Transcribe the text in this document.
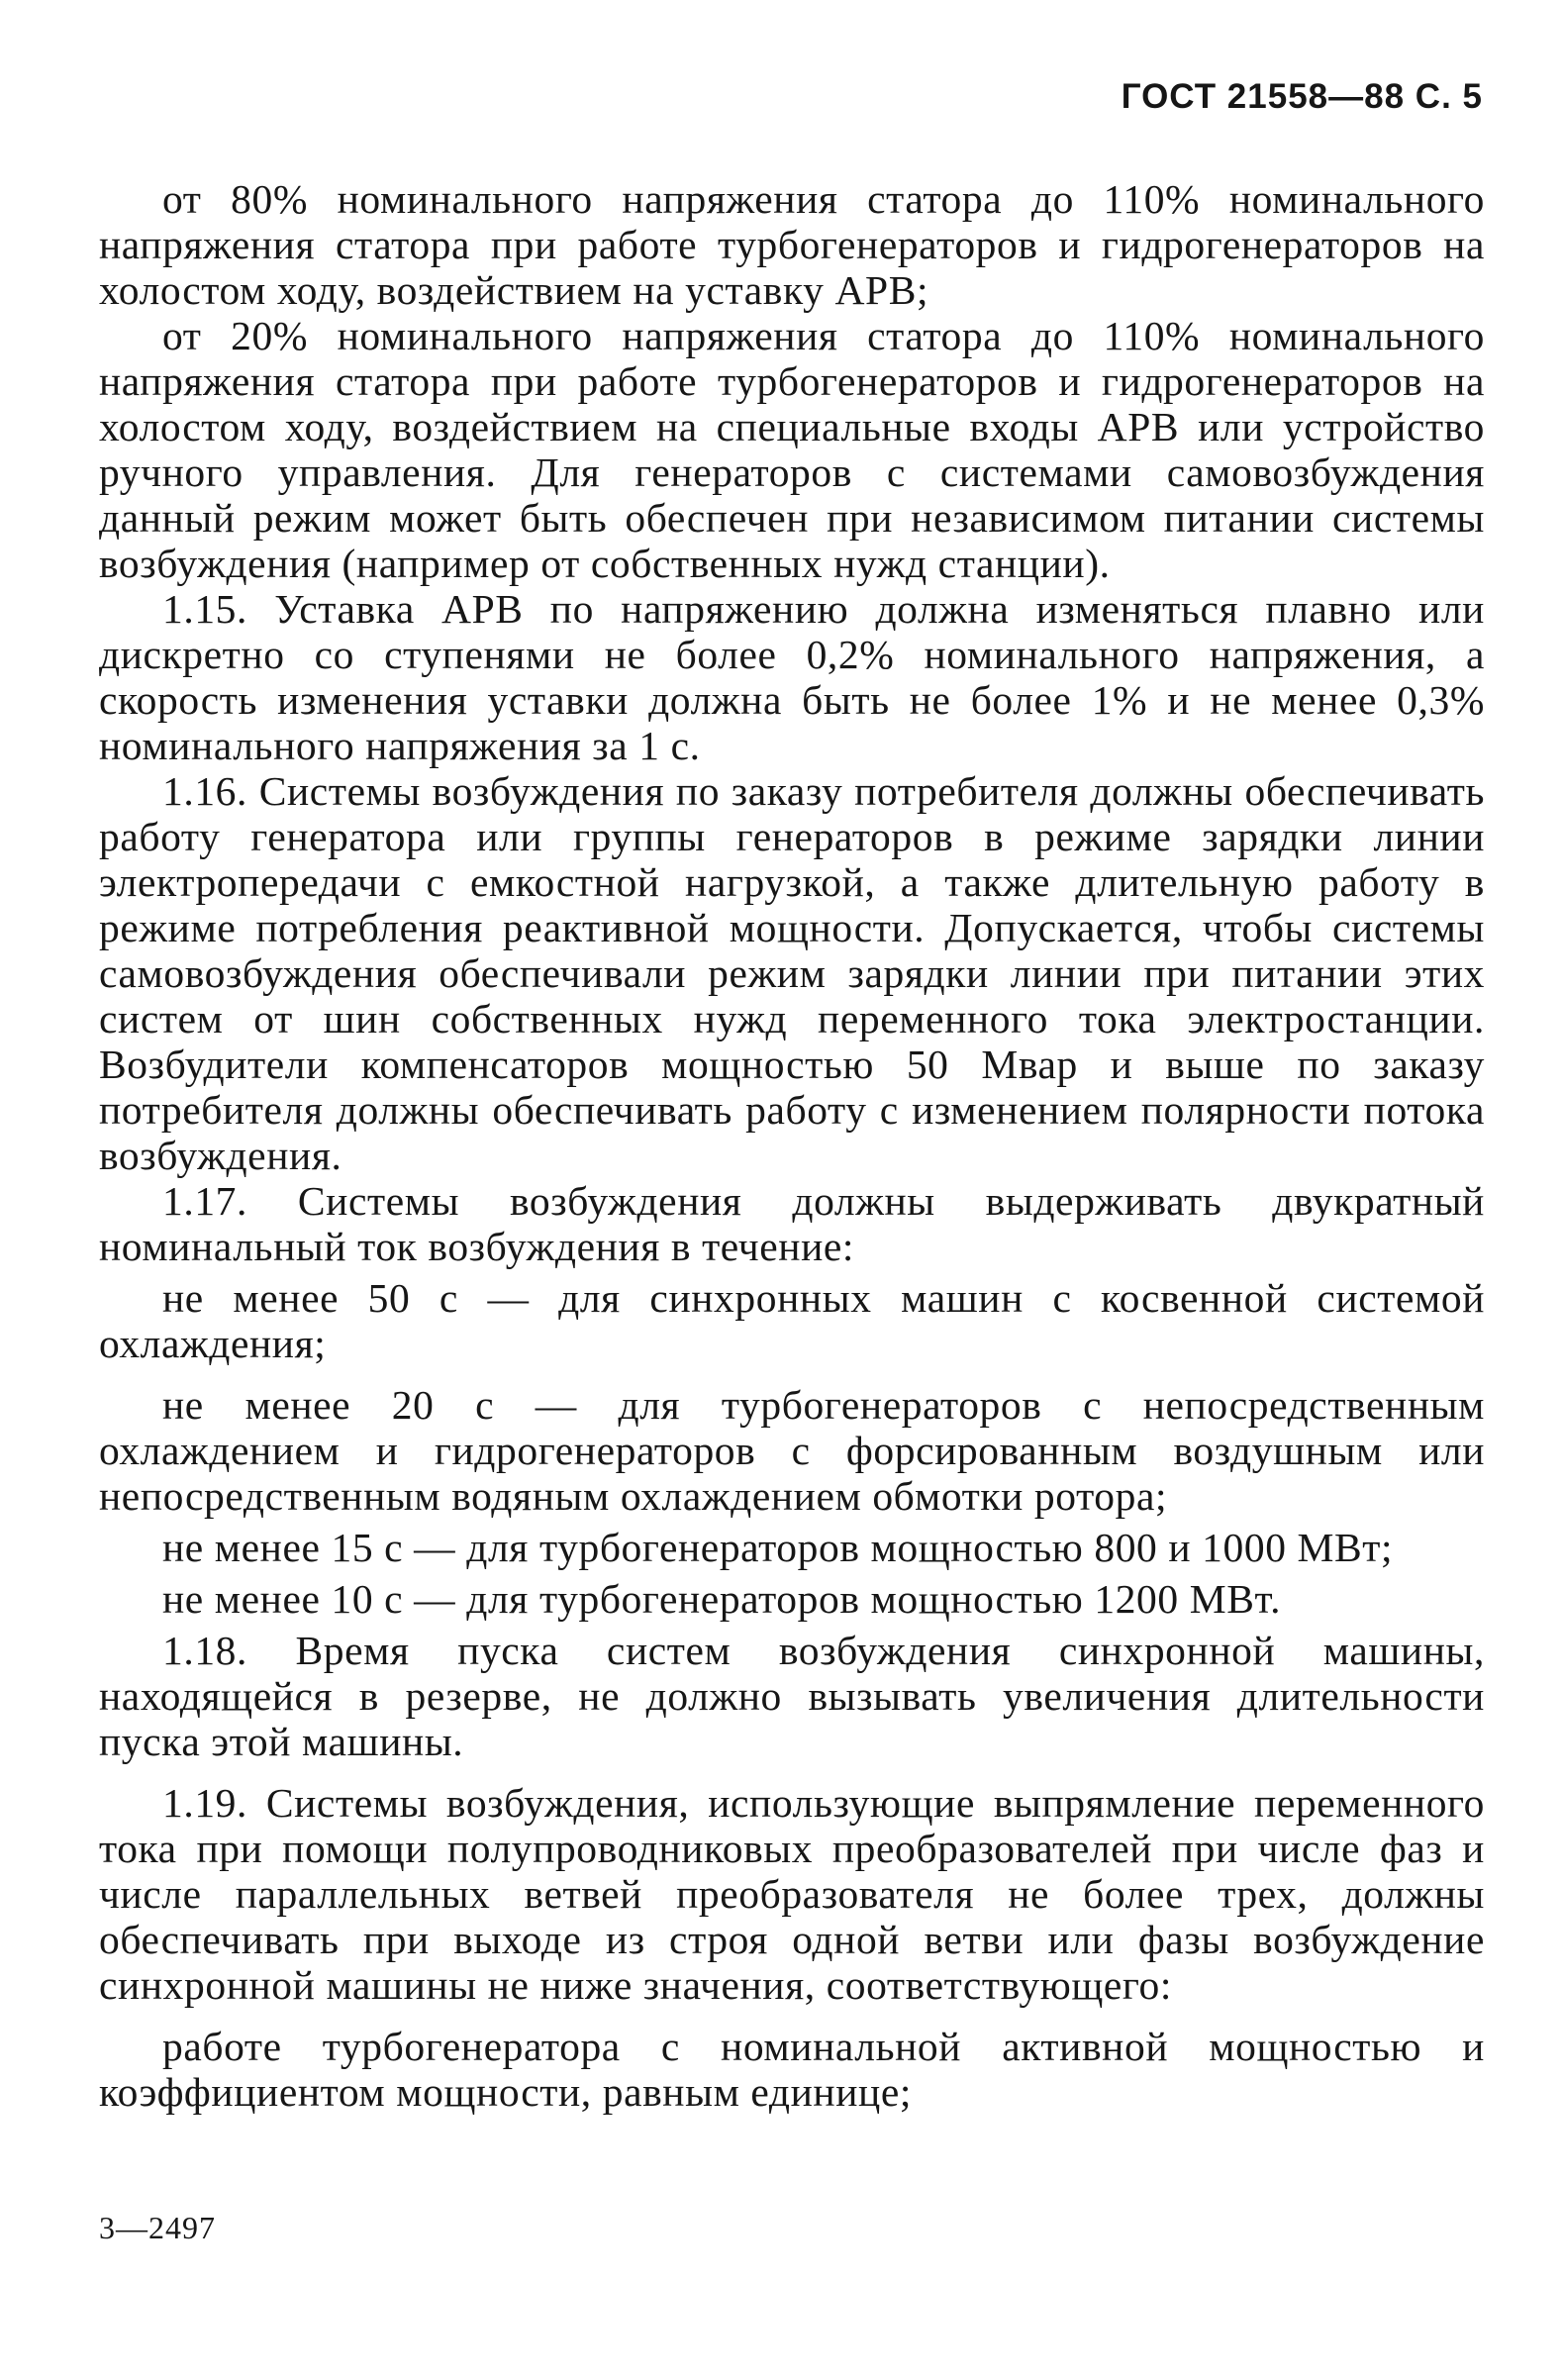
ГОСТ 21558—88 С. 5

от 80% номинального напряжения статора до 110% номинального напряжения статора при работе турбогенераторов и гидрогенераторов на холостом ходу, воздействием на уставку АРВ;

от 20% номинального напряжения статора до 110% номинального напряжения статора при работе турбогенераторов и гидрогенераторов на холостом ходу, воздействием на специальные входы АРВ или устройство ручного управления. Для генераторов с системами самовозбуждения данный режим может быть обеспечен при независимом питании системы возбуждения (например от собственных нужд станции).

1.15. Уставка АРВ по напряжению должна изменяться плавно или дискретно со ступенями не более 0,2% номинального напряжения, а скорость изменения уставки должна быть не более 1% и не менее 0,3% номинального напряжения за 1 с.

1.16. Системы возбуждения по заказу потребителя должны обеспечивать работу генератора или группы генераторов в режиме зарядки линии электропередачи с емкостной нагрузкой, а также длительную работу в режиме потребления реактивной мощности. Допускается, чтобы системы самовозбуждения обеспечивали режим зарядки линии при питании этих систем от шин собственных нужд переменного тока электростанции. Возбудители компенсаторов мощностью 50 Мвар и выше по заказу потребителя должны обеспечивать работу с изменением полярности потока возбуждения.

1.17. Системы возбуждения должны выдерживать двукратный номинальный ток возбуждения в течение:

не менее 50 с — для синхронных машин с косвенной системой охлаждения;

не менее 20 с — для турбогенераторов с непосредственным охлаждением и гидрогенераторов с форсированным воздушным или непосредственным водяным охлаждением обмотки ротора;

не менее 15 с — для турбогенераторов мощностью 800 и 1000 МВт;

не менее 10 с — для турбогенераторов мощностью 1200 МВт.

1.18. Время пуска систем возбуждения синхронной машины, находящейся в резерве, не должно вызывать увеличения длительности пуска этой машины.

1.19. Системы возбуждения, использующие выпрямление переменного тока при помощи полупроводниковых преобразователей при числе фаз и числе параллельных ветвей преобразователя не более трех, должны обеспечивать при выходе из строя одной ветви или фазы возбуждение синхронной машины не ниже значения, соответствующего:

работе турбогенератора с номинальной активной мощностью и коэффициентом мощности, равным единице;

3—2497
